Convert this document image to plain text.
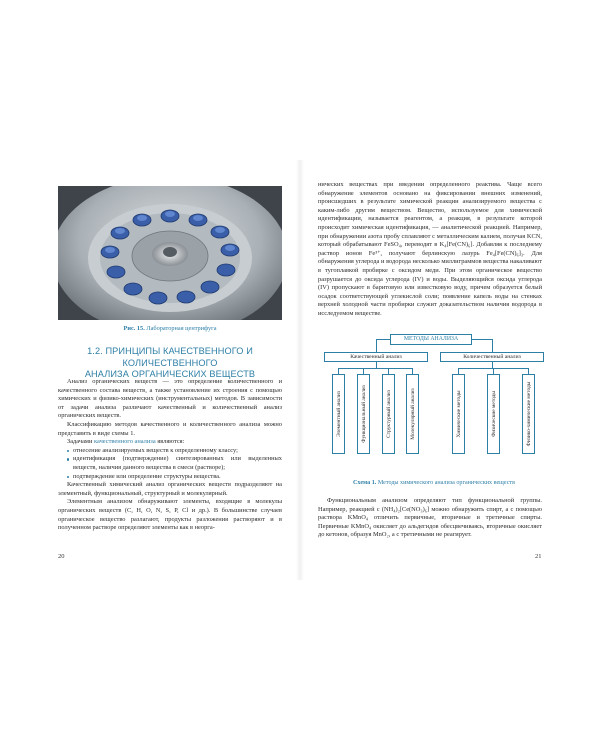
Рис. 15. Лабораторная центрифуга
1.2. ПРИНЦИПЫ КАЧЕСТВЕННОГО И КОЛИЧЕСТВЕННОГО
АНАЛИЗА ОРГАНИЧЕСКИХ ВЕЩЕСТВ

Анализ органических веществ — это определение количественного и качественного состава веществ, а также установление их строения с помощью химических и физико-химических (инструментальных) методов. В зависимости от задачи анализа различают качественный и количественный анализ органических веществ.

Классификацию методов качественного и количественного анализа можно представить в виде схемы 1.

Задачами качественного анализа являются:

отнесение анализируемых веществ к определенному классу;
идентификация (подтверждение) синтезированных или выделенных веществ, наличия данного вещества в смеси (растворе);
подтверждение или определение структуры вещества.

Качественный химический анализ органических веществ подразделяют на элементный, функциональный, структурный и молекулярный.

Элементным анализом обнаруживают элементы, входящие в молекулы органических веществ (C, H, O, N, S, P, Cl и др.). В большинстве случаев органическое вещество разлагают, продукты разложения растворяют и в полученном растворе определяют элементы как в неорга-

20

нических веществах при введении определенного реактива. Чаще всего обнаружение элементов основано на фиксировании внешних изменений, происшедших в результате химической реакции анализируемого вещества с каким-либо другим веществом. Вещество, используемое для химической идентификации, называется реагентом, а реакция, в результате которой происходит химическая идентификация, — аналитической реакцией. Например, при обнаружении азота пробу сплавляют с металлическим калием, получая KCN, который обрабатывают FeSO₄, переводят в K₄[Fe(CN)₆]. Добавляя к последнему раствор ионов Fe³⁺, получают берлинскую лазурь Fe₄[Fe(CN)₆]₃. Для обнаружения углерода и водорода несколько миллиграммов вещества накаливают в тугоплавкой пробирке с оксидом меди. При этом органическое вещество разрушается до оксида углерода (IV) и воды. Выделяющийся оксида углерода (IV) пропускают в баритовую или известковую воду, причем образуется белый осадок соответствующей углекислой соли; появление капель воды на стенках верхней холодной части пробирки служит доказательством наличия водорода в исследуемом веществе.

МЕТОДЫ АНАЛИЗА
Качественный анализ	Количественный анализ
Элементный анализ	Функциональный анализ	Структурный анализ	Молекулярный анализ	Химические методы	Физические методы	Физико-химические методы
Схема 1. Методы химического анализа органических веществ

Функциональным анализом определяют тип функциональной группы. Например, реакцией с (NH₄)₂[Ce(NO₃)₆] можно обнаружить спирт, а с помощью раствора KMnO₄ отличить первичные, вторичные и третичные спирты. Первичные KMnO₄ окисляет до альдегидов обесцвечиваясь, вторичные окисляет до кетонов, образуя MnO₂, а с третичными не реагирует.

21
